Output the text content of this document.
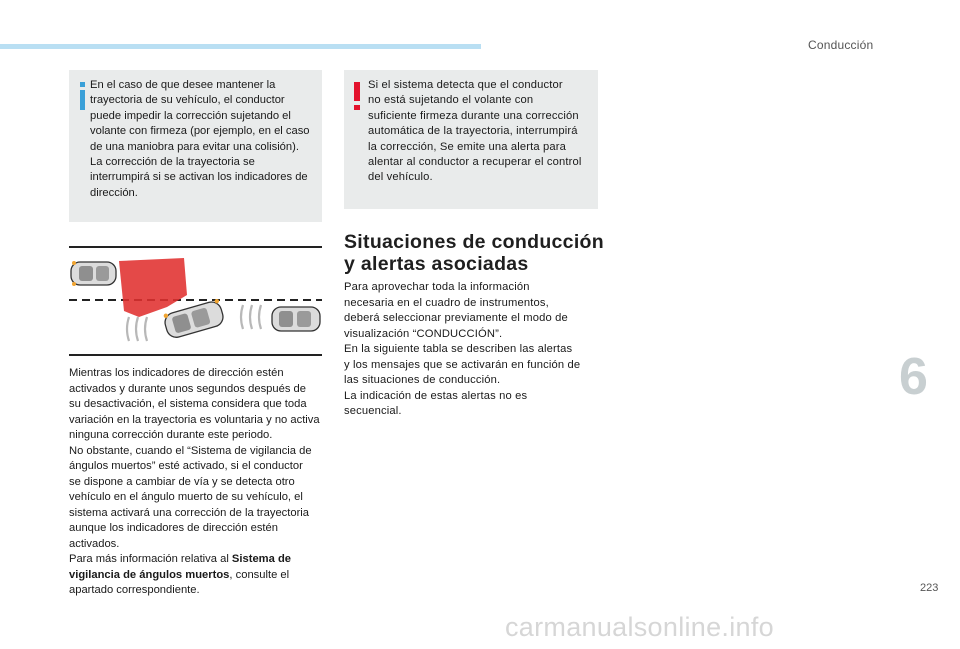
Conducción
En el caso de que desee mantener la
trayectoria de su vehículo, el conductor
puede impedir la corrección sujetando el
volante con firmeza (por ejemplo, en el caso
de una maniobra para evitar una colisión).
La corrección de la trayectoria se
interrumpirá si se activan los indicadores de
dirección.
Si el sistema detecta que el conductor
no está sujetando el volante con
suficiente firmeza durante una corrección
automática de la trayectoria, interrumpirá
la corrección, Se emite una alerta para
alentar al conductor a recuperar el control
del vehículo.

Mientras los indicadores de dirección estén

activados y durante unos segundos después de

su desactivación, el sistema considera que toda

variación en la trayectoria es voluntaria y no activa

ninguna corrección durante este periodo.

No obstante, cuando el “Sistema de vigilancia de

ángulos muertos” esté activado, si el conductor

se dispone a cambiar de vía y se detecta otro

vehículo en el ángulo muerto de su vehículo, el

sistema activará una corrección de la trayectoria

aunque los indicadores de dirección estén

activados.

Para más información relativa al Sistema de

vigilancia de ángulos muertos, consulte el

apartado correspondiente.

Situaciones de conducción
y alertas asociadas

Para aprovechar toda la información

necesaria en el cuadro de instrumentos,

deberá seleccionar previamente el modo de

visualización “CONDUCCIÓN”.

En la siguiente tabla se describen las alertas

y los mensajes que se activarán en función de

las situaciones de conducción.

La indicación de estas alertas no es

secuencial.

6
223
carmanualsonline.info
